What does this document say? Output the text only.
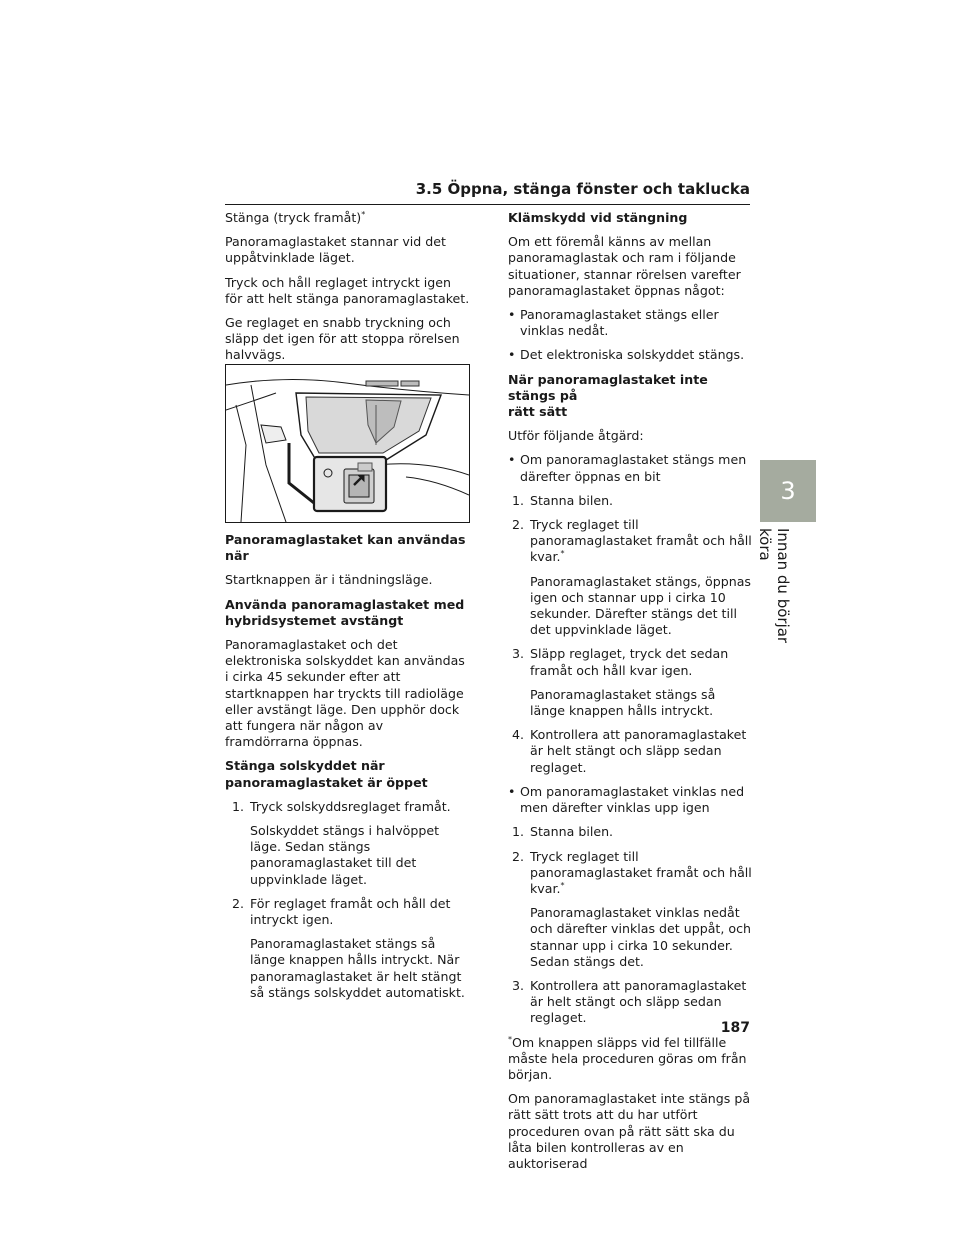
3.5 Öppna, stänga fönster och taklucka

Stänga (tryck framåt)*

Panoramaglastaket stannar vid det uppåtvinklade läget.

Tryck och håll reglaget intryckt igen för att helt stänga panoramaglastaket.

Ge reglaget en snabb tryckning och släpp det igen för att stoppa rörelsen halvvägs.

Panoramaglastaket kan användas när

Startknappen är i tändningsläge.

Använda panoramaglastaket med
hybridsystemet avstängt

Panoramaglastaket och det elektroniska solskyddet kan användas i cirka 45 sekunder efter att startknappen har tryckts till radioläge eller avstängt läge. Den upphör dock att fungera när någon av framdörrarna öppnas.

Stänga solskyddet när
panoramaglastaket är öppet

1. Tryck solskyddsreglaget framåt.

Solskyddet stängs i halvöppet läge. Sedan stängs panoramaglastaket till det uppvinklade läget.
2. För reglaget framåt och håll det intryckt igen.

Panoramaglastaket stängs så länge knappen hålls intryckt. När panoramaglastaket är helt stängt så stängs solskyddet automatiskt.

Klämskydd vid stängning

Om ett föremål känns av mellan panoramaglastak och ram i följande situationer, stannar rörelsen varefter panoramaglastaket öppnas något:

• Panoramaglastaket stängs eller vinklas nedåt.
• Det elektroniska solskyddet stängs.

När panoramaglastaket inte stängs på
rätt sätt

Utför följande åtgärd:

• Om panoramaglastaket stängs men därefter öppnas en bit
1. Stanna bilen.
2. Tryck reglaget till panoramaglastaket framåt och håll kvar.*
Panoramaglastaket stängs, öppnas igen och stannar upp i cirka 10 sekunder. Därefter stängs det till det uppvinklade läget.
3. Släpp reglaget, tryck det sedan framåt och håll kvar igen.
Panoramaglastaket stängs så länge knappen hålls intryckt.
4. Kontrollera att panoramaglastaket är helt stängt och släpp sedan reglaget.
• Om panoramaglastaket vinklas ned men därefter vinklas upp igen
1. Stanna bilen.
2. Tryck reglaget till panoramaglastaket framåt och håll kvar.*
Panoramaglastaket vinklas nedåt och därefter vinklas det uppåt, och stannar upp i cirka 10 sekunder. Sedan stängs det.
3. Kontrollera att panoramaglastaket är helt stängt och släpp sedan reglaget.

*Om knappen släpps vid fel tillfälle måste hela proceduren göras om från början.

Om panoramaglastaket inte stängs på rätt sätt trots att du har utfört proceduren ovan på rätt sätt ska du låta bilen kontrolleras av en auktoriserad

3
Innan du börjar köra
187
